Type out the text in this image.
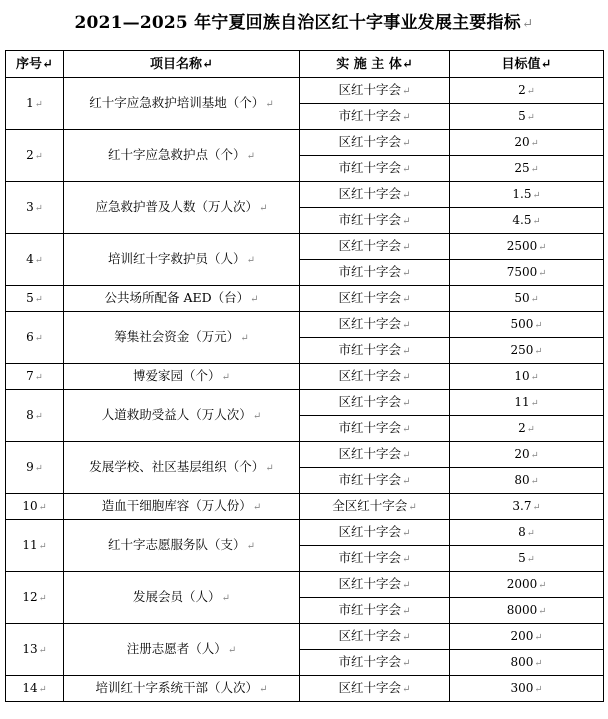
2021—2025 年宁夏回族自治区红十字事业发展主要指标↵
序号↵	项目名称↵	实 施 主 体↵	目标值↵
1↵	红十字应急救护培训基地（个）↵	区红十字会↵	2↵
		市红十字会↵	5↵
2↵	红十字应急救护点（个）↵	区红十字会↵	20↵
		市红十字会↵	25↵
3↵	应急救护普及人数（万人次）↵	区红十字会↵	1.5↵
		市红十字会↵	4.5↵
4↵	培训红十字救护员（人）↵	区红十字会↵	2500↵
		市红十字会↵	7500↵
5↵	公共场所配备 AED（台）↵	区红十字会↵	50↵
6↵	筹集社会资金（万元）↵	区红十字会↵	500↵
		市红十字会↵	250↵
7↵	博爱家园（个）↵	区红十字会↵	10↵
8↵	人道救助受益人（万人次）↵	区红十字会↵	11↵
		市红十字会↵	2↵
9↵	发展学校、社区基层组织（个）↵	区红十字会↵	20↵
		市红十字会↵	80↵
10↵	造血干细胞库容（万人份）↵	全区红十字会↵	3.7↵
11↵	红十字志愿服务队（支）↵	区红十字会↵	8↵
		市红十字会↵	5↵
12↵	发展会员（人）↵	区红十字会↵	2000↵
		市红十字会↵	8000↵
13↵	注册志愿者（人）↵	区红十字会↵	200↵
		市红十字会↵	800↵
14↵	培训红十字系统干部（人次）↵	区红十字会↵	300↵
